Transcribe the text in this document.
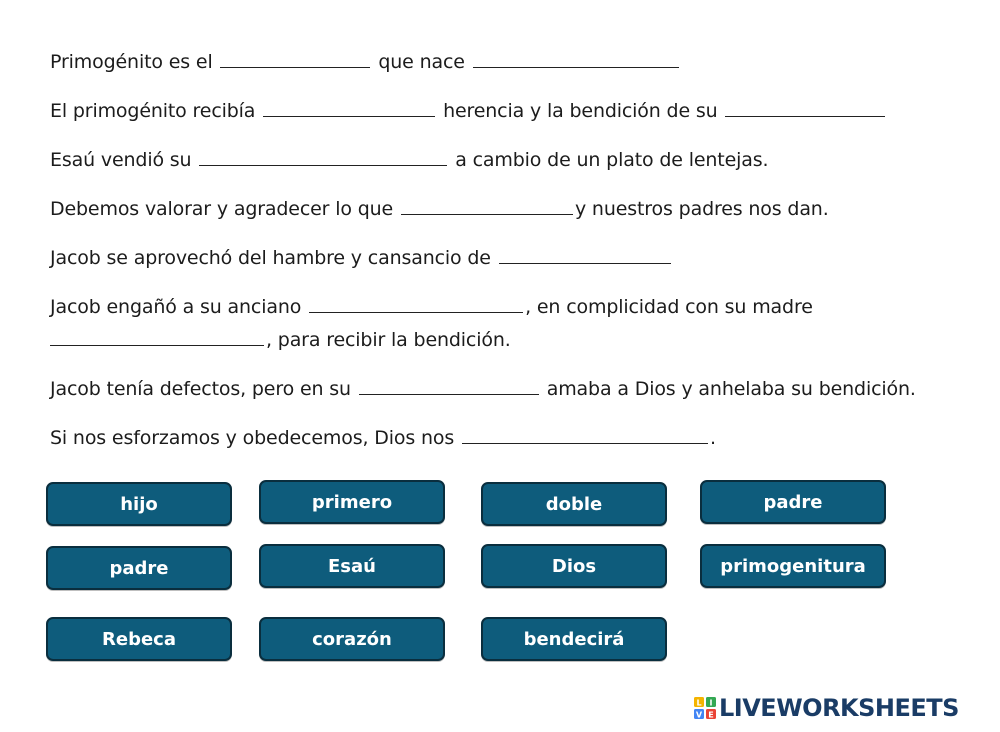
Primogénito es el	que nace
El primogénito recibía	herencia y la bendición de su
Esaú vendió su	a cambio de un plato de lentejas.
Debemos valorar y agradecer lo que	y nuestros padres nos dan.
Jacob se aprovechó del hambre y cansancio de
Jacob engañó a su anciano	, en complicidad con su madre
, para recibir la bendición.
Jacob tenía defectos, pero en su	amaba a Dios y anhelaba su bendición.
Si nos esforzamos y obedecemos, Dios nos	.
hijo	primero	doble	padre
padre	Esaú	Dios	primogenitura
Rebeca	corazón	bendecirá
L I
V E LIVEWORKSHEETS
